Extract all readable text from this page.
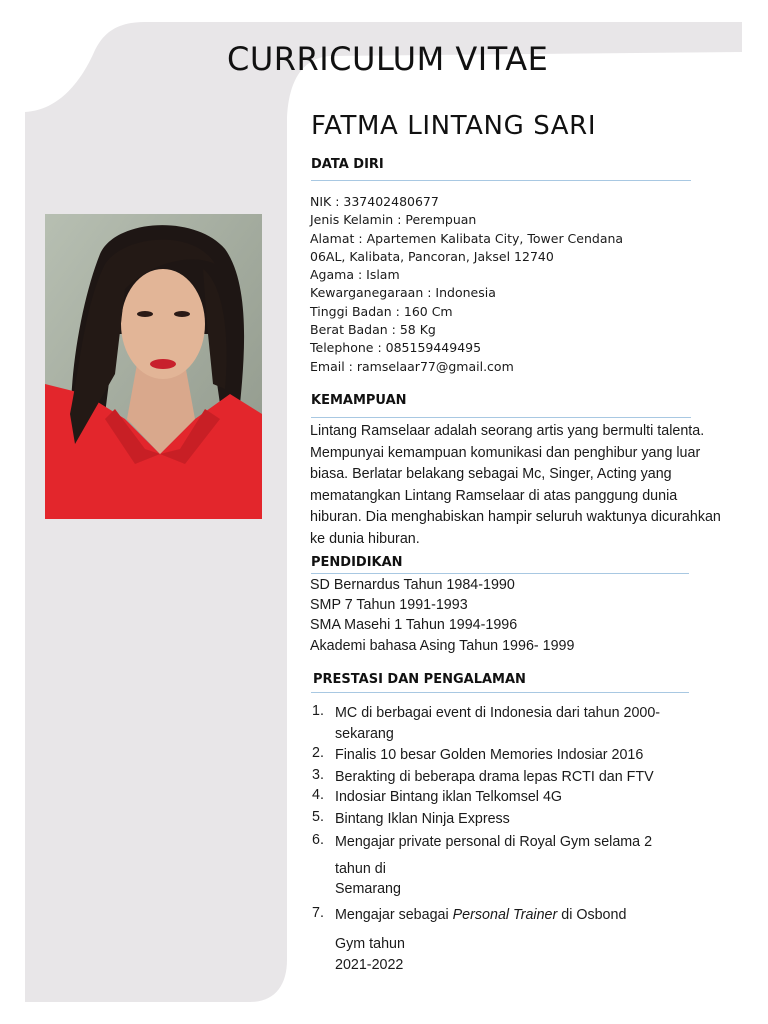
CURRICULUM VITAE
FATMA LINTANG SARI
DATA DIRI
NIK : 337402480677
Jenis Kelamin : Perempuan
Alamat : Apartemen Kalibata City, Tower Cendana
06AL, Kalibata, Pancoran, Jaksel 12740
Agama : Islam
Kewarganegaraan : Indonesia
Tinggi Badan : 160 Cm
Berat Badan : 58 Kg
Telephone : 085159449495
Email : ramselaar77@gmail.com
KEMAMPUAN
Lintang Ramselaar adalah seorang artis yang bermulti talenta. Mempunyai kemampuan komunikasi dan penghibur yang luar biasa. Berlatar belakang sebagai Mc, Singer, Acting yang mematangkan Lintang Ramselaar di atas panggung dunia hiburan. Dia menghabiskan hampir seluruh waktunya dicurahkan ke dunia hiburan.
PENDIDIKAN
SD Bernardus Tahun 1984-1990
SMP 7 Tahun 1991-1993
SMA Masehi 1 Tahun 1994-1996
Akademi bahasa Asing Tahun 1996- 1999
PRESTASI DAN PENGALAMAN
1. MC di berbagai event di Indonesia dari tahun 2000-
sekarang
2. Finalis 10 besar Golden Memories Indosiar 2016
3. Berakting di beberapa drama lepas RCTI dan FTV
4. Indosiar Bintang iklan Telkomsel 4G
5. Bintang Iklan Ninja Express
6. Mengajar private personal di Royal Gym selama 2
tahun di
Semarang
7. Mengajar sebagai Personal Trainer di Osbond
Gym tahun
2021-2022
